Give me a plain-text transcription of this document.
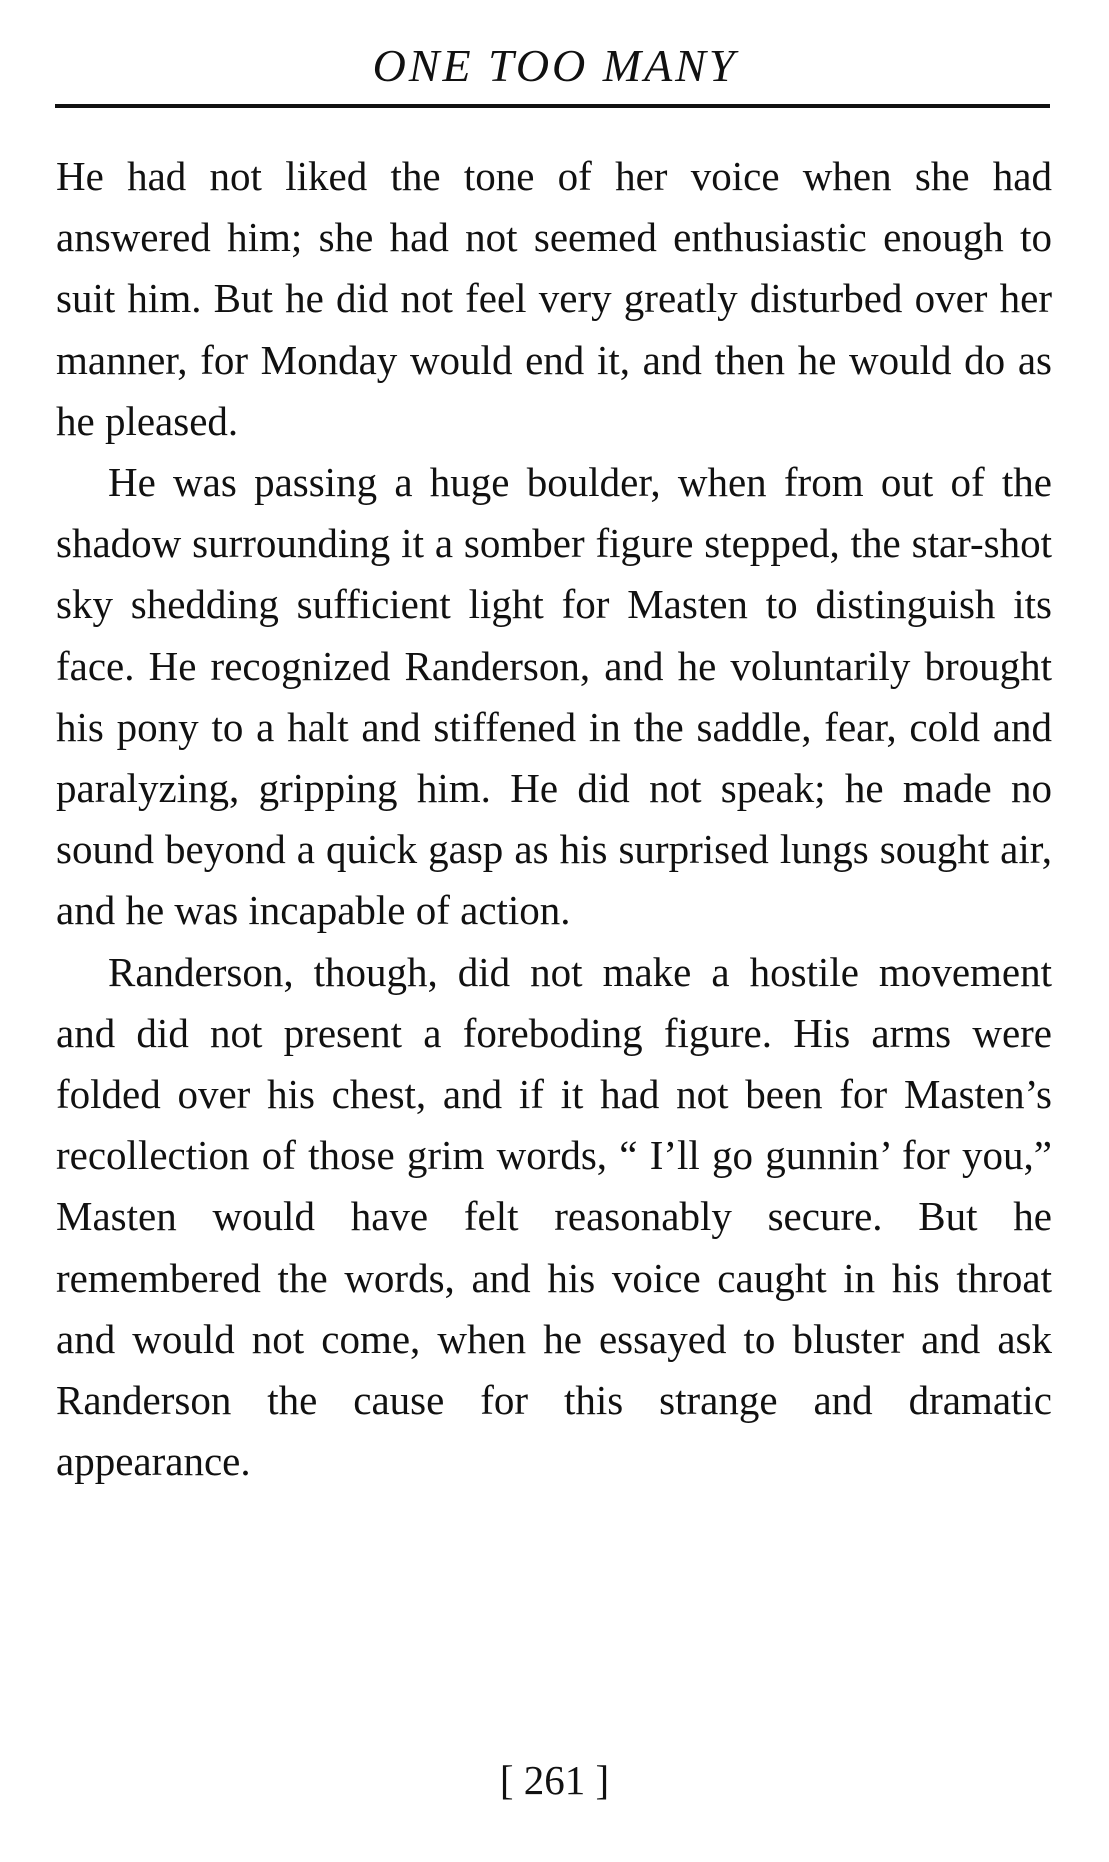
ONE TOO MANY

He had not liked the tone of her voice when she had answered him; she had not seemed enthusiastic enough to suit him. But he did not feel very greatly disturbed over her manner, for Monday would end it, and then he would do as he pleased.

He was passing a huge boulder, when from out of the shadow surrounding it a somber figure stepped, the star-shot sky shedding sufficient light for Masten to distinguish its face. He recognized Randerson, and he voluntarily brought his pony to a halt and stiffened in the saddle, fear, cold and paralyzing, gripping him. He did not speak; he made no sound beyond a quick gasp as his surprised lungs sought air, and he was incapable of action.

Randerson, though, did not make a hostile movement and did not present a foreboding figure. His arms were folded over his chest, and if it had not been for Masten’s recollection of those grim words, “ I’ll go gunnin’ for you,” Masten would have felt reasonably secure. But he remembered the words, and his voice caught in his throat and would not come, when he essayed to bluster and ask Randerson the cause for this strange and dramatic appearance.

[ 261 ]
